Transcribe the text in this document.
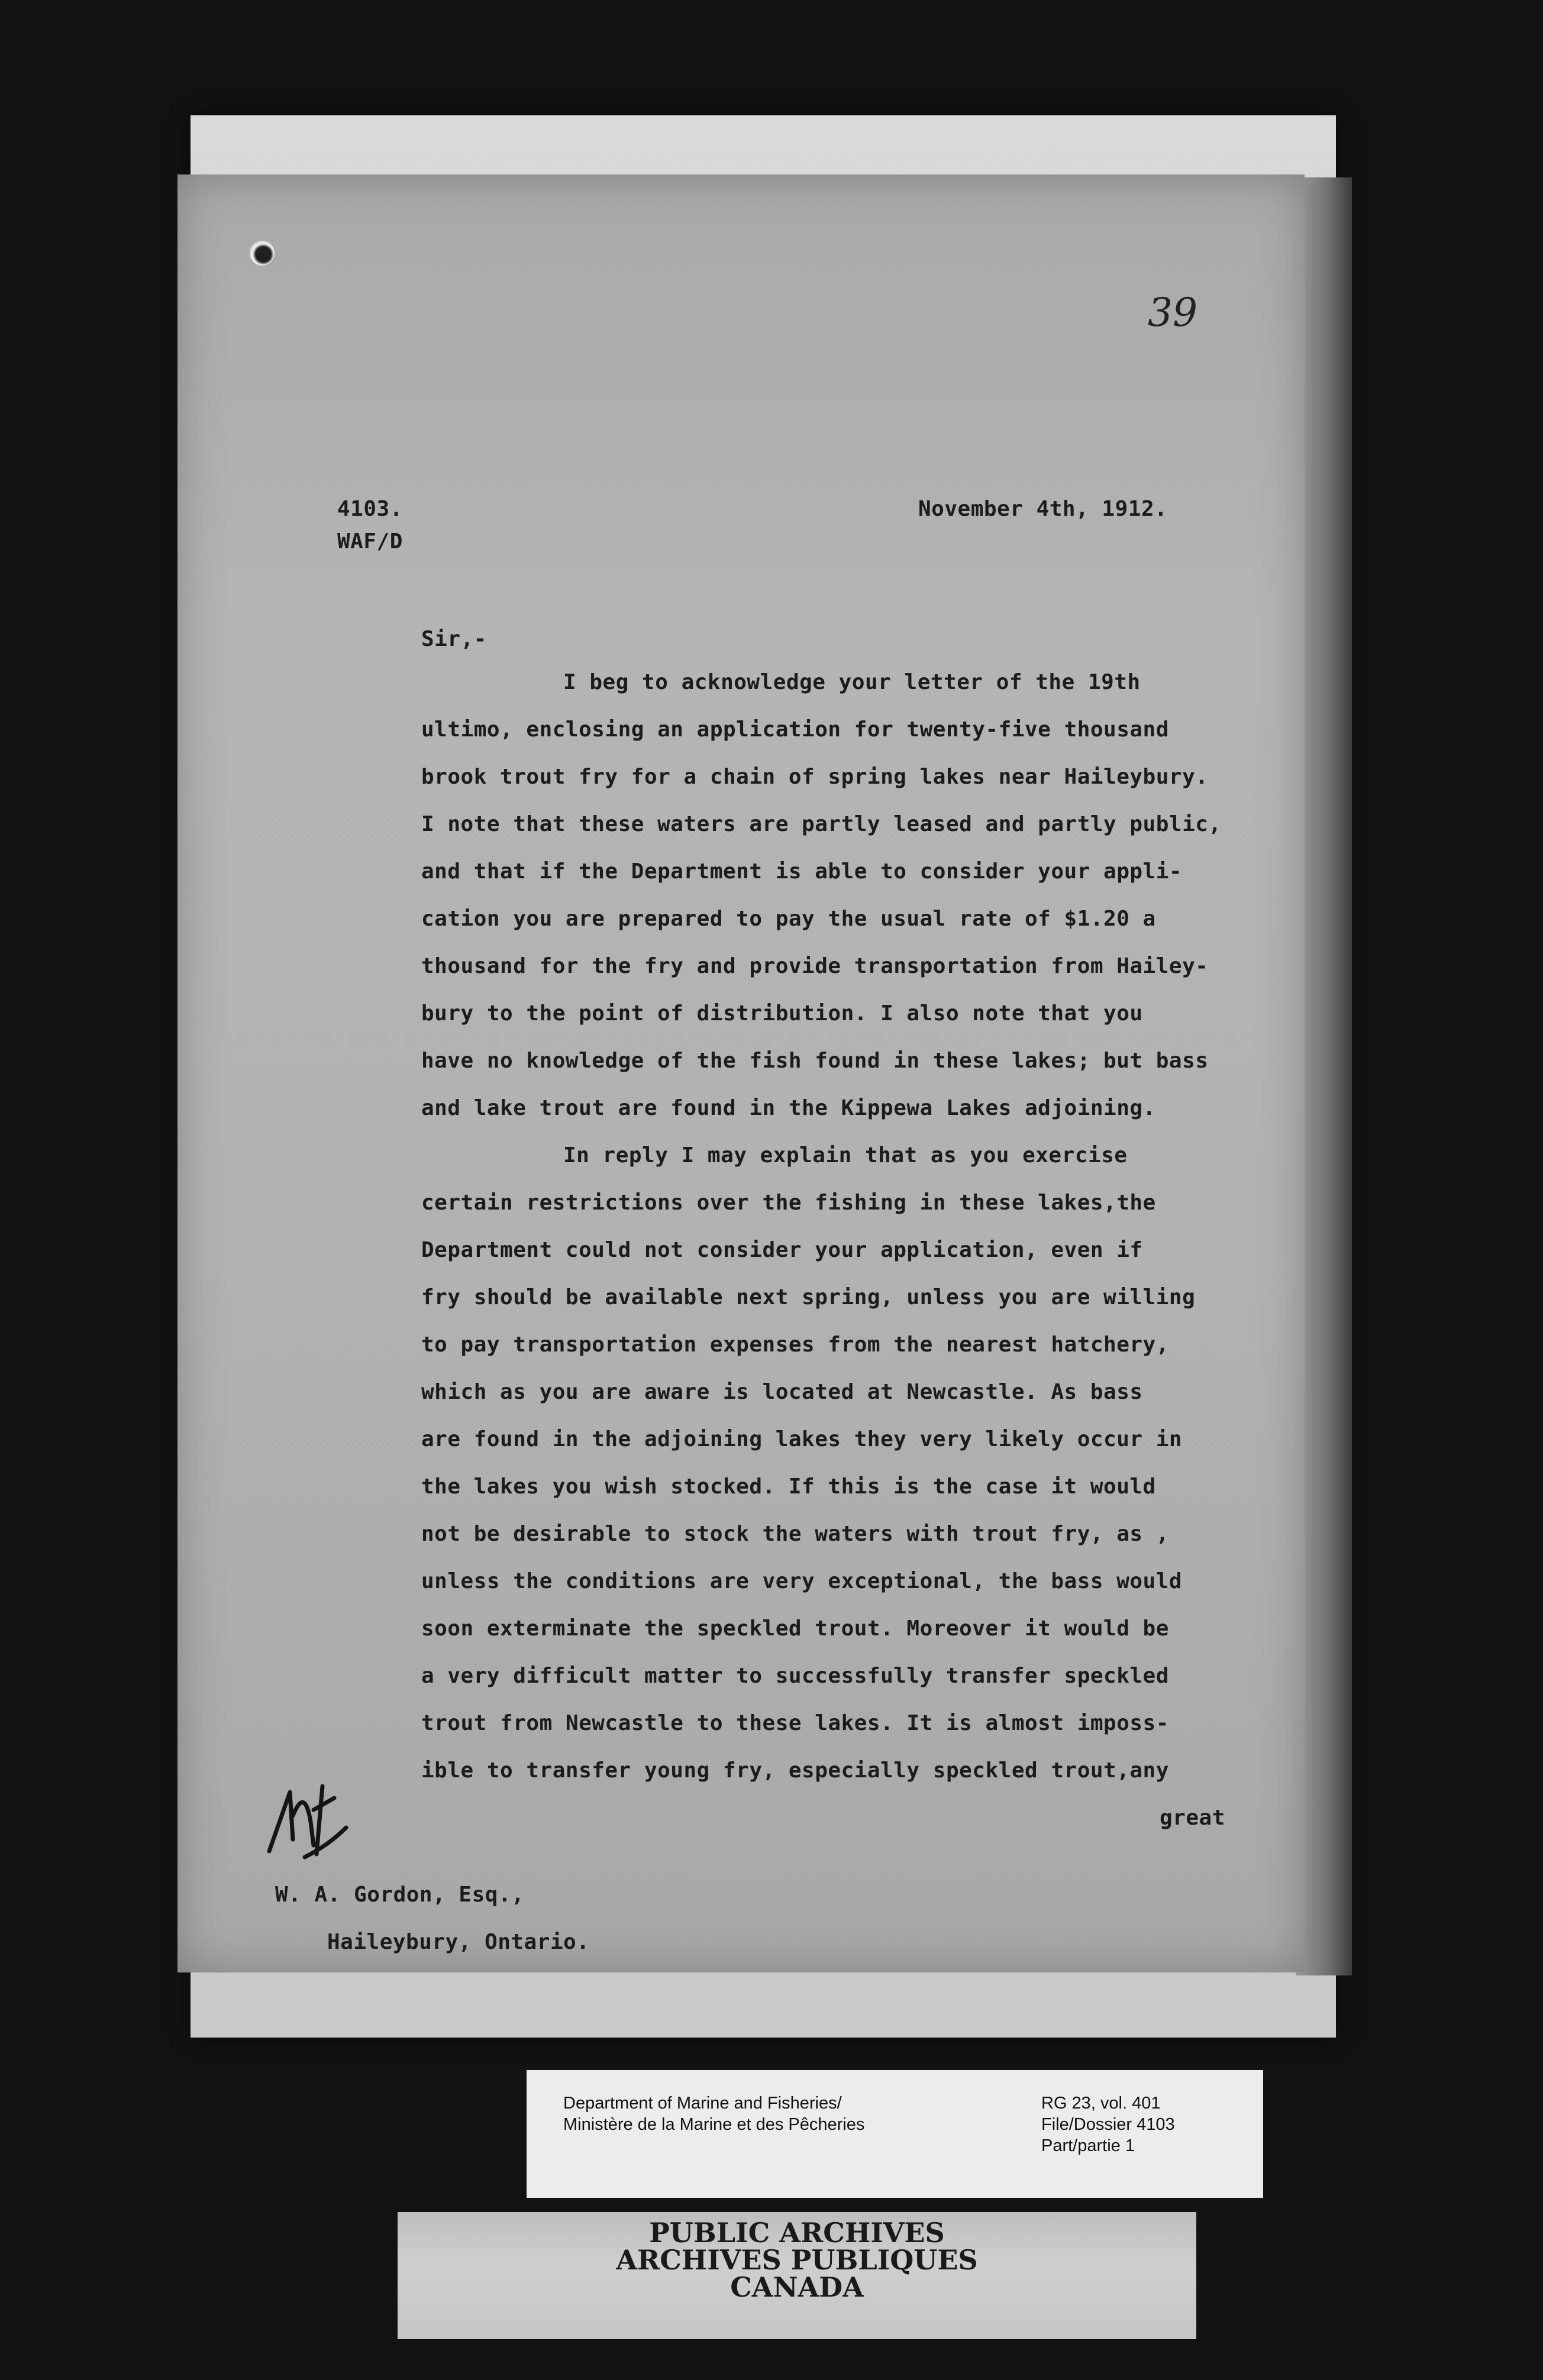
39
4103.
WAF/D
November 4th, 1912.
Sir,-
I beg to acknowledge your letter of the 19th
ultimo, enclosing an application for twenty-five thousand
brook trout fry for a chain of spring lakes near Haileybury.
I note that these waters are partly leased and partly public,
and that if the Department is able to consider your appli-
cation you are prepared to pay the usual rate of $1.20 a
thousand for the fry and provide transportation from Hailey-
bury to the point of distribution. I also note that you
have no knowledge of the fish found in these lakes; but bass
and lake trout are found in the Kippewa Lakes adjoining.
In reply I may explain that as you exercise
certain restrictions over the fishing in these lakes,the
Department could not consider your application, even if
fry should be available next spring, unless you are willing
to pay transportation expenses from the nearest hatchery,
which as you are aware is located at Newcastle. As bass
are found in the adjoining lakes they very likely occur in
the lakes you wish stocked. If this is the case it would
not be desirable to stock the waters with trout fry, as ,
unless the conditions are very exceptional, the bass would
soon exterminate the speckled trout. Moreover it would be
a very difficult matter to successfully transfer speckled
trout from Newcastle to these lakes. It is almost imposs-
ible to transfer young fry, especially speckled trout,any
great
W. A. Gordon, Esq.,
Haileybury, Ontario.
Department of Marine and Fisheries/
Ministère de la Marine et des Pêcheries
RG 23, vol. 401
File/Dossier 4103
Part/partie 1
PUBLIC ARCHIVES
ARCHIVES PUBLIQUES
CANADA
